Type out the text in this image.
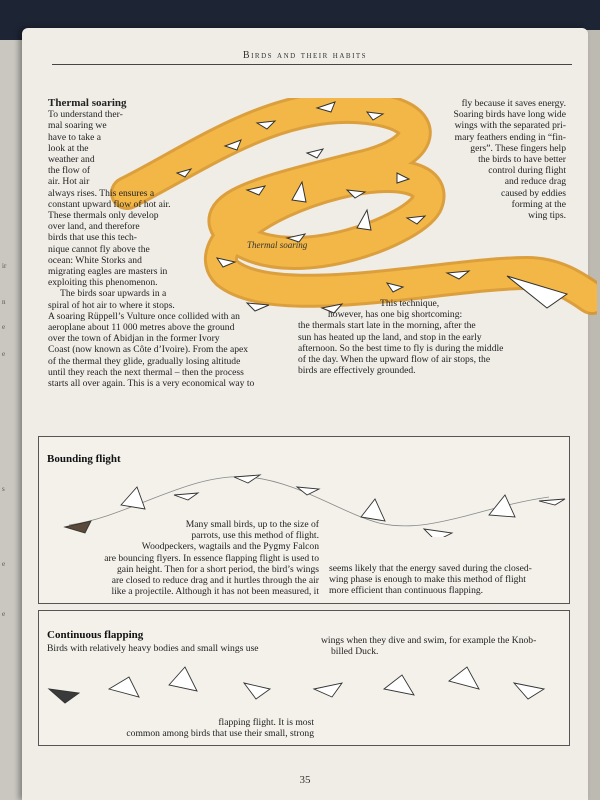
ir
n
e
e
s
e
e
Birds and their habits
Thermal soaring

Thermal soaring

To understand ther-

mal soaring we

have to take a

look at the

weather and

the flow of

air. Hot air

always rises. This ensures a

constant upward flow of hot air.

These thermals only develop

over land, and therefore

birds that use this tech-

nique cannot fly above the

ocean: White Storks and

migrating eagles are masters in

exploiting this phenomenon.

The birds soar upwards in a

spiral of hot air to where it stops.

A soaring Rüppell’s Vulture once collided with an

aeroplane about 11 000 metres above the ground

over the town of Abidjan in the former Ivory

Coast (now known as Côte d’Ivoire). From the apex

of the thermal they glide, gradually losing altitude

until they reach the next thermal – then the process

starts all over again. This is a very economical way to

fly because it saves energy.

Soaring birds have long wide

wings with the separated pri-

mary feathers ending in “fin-

gers”. These fingers help

the birds to have better

control during flight

and reduce drag

caused by eddies

forming at the

wing tips.

This technique,

however, has one big shortcoming:

the thermals start late in the morning, after the

sun has heated up the land, and stop in the early

afternoon. So the best time to fly is during the middle

of the day. When the upward flow of air stops, the

birds are effectively grounded.

Bounding flight

Many small birds, up to the size of

parrots, use this method of flight.

Woodpeckers, wagtails and the Pygmy Falcon

are bouncing flyers. In essence flapping flight is used to

gain height. Then for a short period, the bird’s wings

are closed to reduce drag and it hurtles through the air

like a projectile. Although it has not been measured, it

seems likely that the energy saved during the closed-

wing phase is enough to make this method of flight

more efficient than continuous flapping.

Continuous flapping

Birds with relatively heavy bodies and small wings use

wings when they dive and swim, for example the Knob-

billed Duck.

flapping flight. It is most

common among birds that use their small, strong

35
